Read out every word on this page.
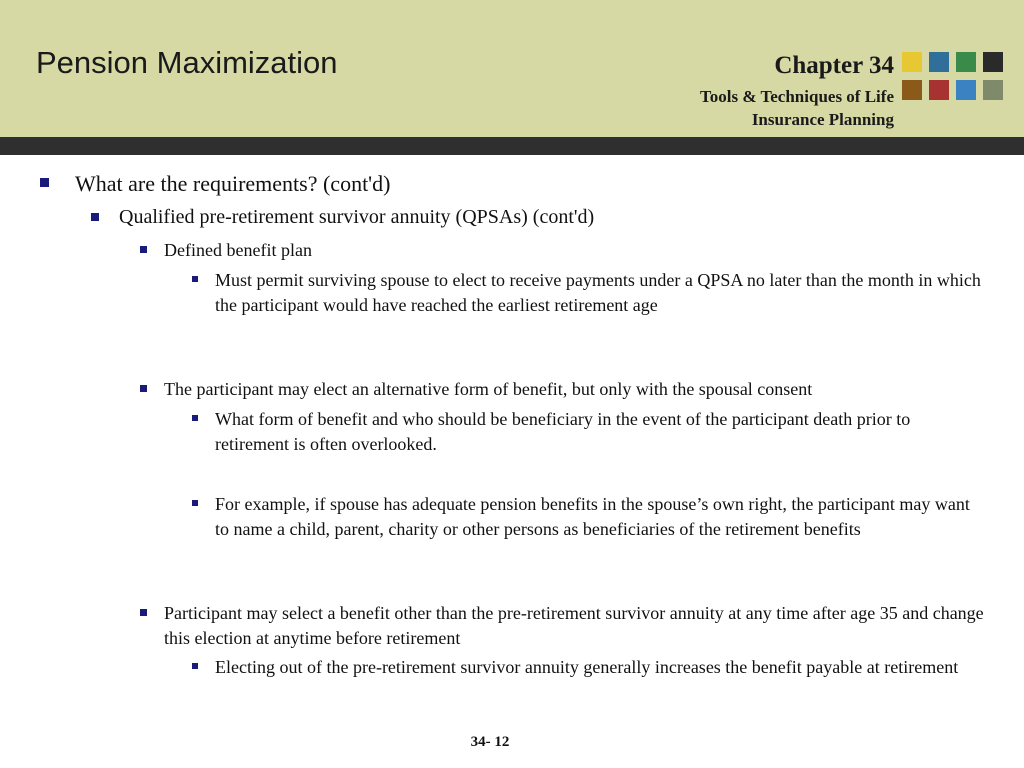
Pension Maximization	Chapter 34
Tools & Techniques of Life
Insurance Planning
What are the requirements? (cont'd)
Qualified pre-retirement survivor annuity (QPSAs) (cont'd)
Defined benefit plan
Must permit surviving spouse to elect to receive payments under a QPSA no later than the month in which the participant would have reached the earliest retirement age
The participant may elect an alternative form of benefit, but only with the spousal consent
What form of benefit and who should be beneficiary in the event of the participant death prior to retirement is often overlooked.
For example, if spouse has adequate pension benefits in the spouse’s own right, the participant may want to name a child, parent, charity or other persons as beneficiaries of the retirement benefits
Participant may select a benefit other than the pre-retirement survivor annuity at any time after age 35 and change this election at anytime before retirement
Electing out of the pre-retirement survivor annuity generally increases the benefit payable at retirement
34- 12
